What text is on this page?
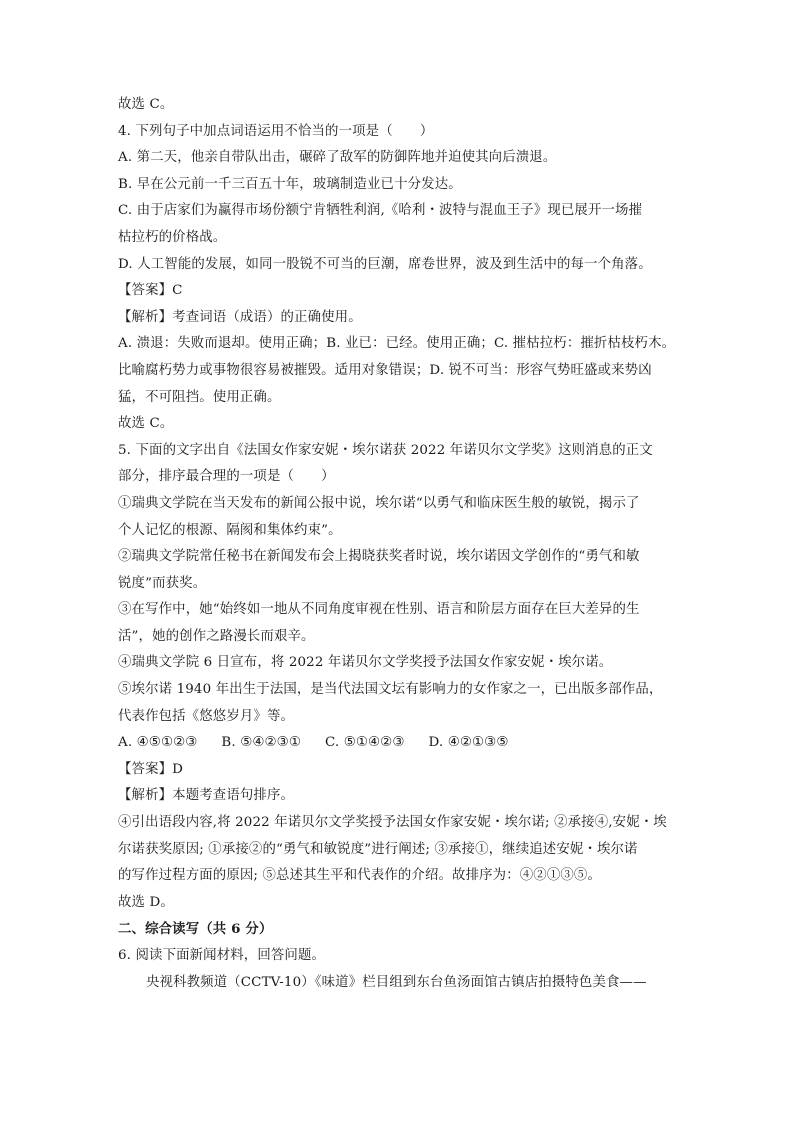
故选 C。
4. 下列句子中加点词语运用不恰当的一项是（　　）
A. 第二天，他亲自带队出击，碾碎了敌军的防御阵地并迫使其向后溃退。
B. 早在公元前一千三百五十年，玻璃制造业已十分发达。
C. 由于店家们为赢得市场份额宁肯牺牲利润,《哈利・波特与混血王子》现已展开一场摧
枯拉朽的价格战。
D. 人工智能的发展，如同一股锐不可当的巨潮，席卷世界，波及到生活中的每一个角落。
【答案】C
【解析】考查词语（成语）的正确使用。
A. 溃退：失败而退却。使用正确；B. 业已：已经。使用正确；C. 摧枯拉朽：摧折枯枝朽木。
比喻腐朽势力或事物很容易被摧毁。适用对象错误；D. 锐不可当：形容气势旺盛或来势凶
猛，不可阻挡。使用正确。
故选 C。
5. 下面的文字出自《法国女作家安妮・埃尔诺获 2022 年诺贝尔文学奖》这则消息的正文
部分，排序最合理的一项是（　　）
①瑞典文学院在当天发布的新闻公报中说，埃尔诺“以勇气和临床医生般的敏锐，揭示了
个人记忆的根源、隔阂和集体约束”。
②瑞典文学院常任秘书在新闻发布会上揭晓获奖者时说，埃尔诺因文学创作的“勇气和敏
锐度”而获奖。
③在写作中，她“始终如一地从不同角度审视在性别、语言和阶层方面存在巨大差异的生
活”，她的创作之路漫长而艰辛。
④瑞典文学院 6 日宣布，将 2022 年诺贝尔文学奖授予法国女作家安妮・埃尔诺。
⑤埃尔诺 1940 年出生于法国，是当代法国文坛有影响力的女作家之一，已出版多部作品，
代表作包括《悠悠岁月》等。
A. ④⑤①②③ B. ⑤④②③① C. ⑤①④②③ D. ④②①③⑤
【答案】D
【解析】本题考查语句排序。
④引出语段内容,将 2022 年诺贝尔文学奖授予法国女作家安妮・埃尔诺; ②承接④,安妮・埃
尔诺获奖原因; ①承接②的“勇气和敏锐度”进行阐述; ③承接①，继续追述安妮・埃尔诺
的写作过程方面的原因; ⑤总述其生平和代表作的介绍。故排序为：④②①③⑤。
故选 D。
二、综合读写（共 6 分）
6. 阅读下面新闻材料，回答问题。
央视科教频道（CCTV-10）《味道》栏目组到东台鱼汤面馆古镇店拍摄特色美食——
